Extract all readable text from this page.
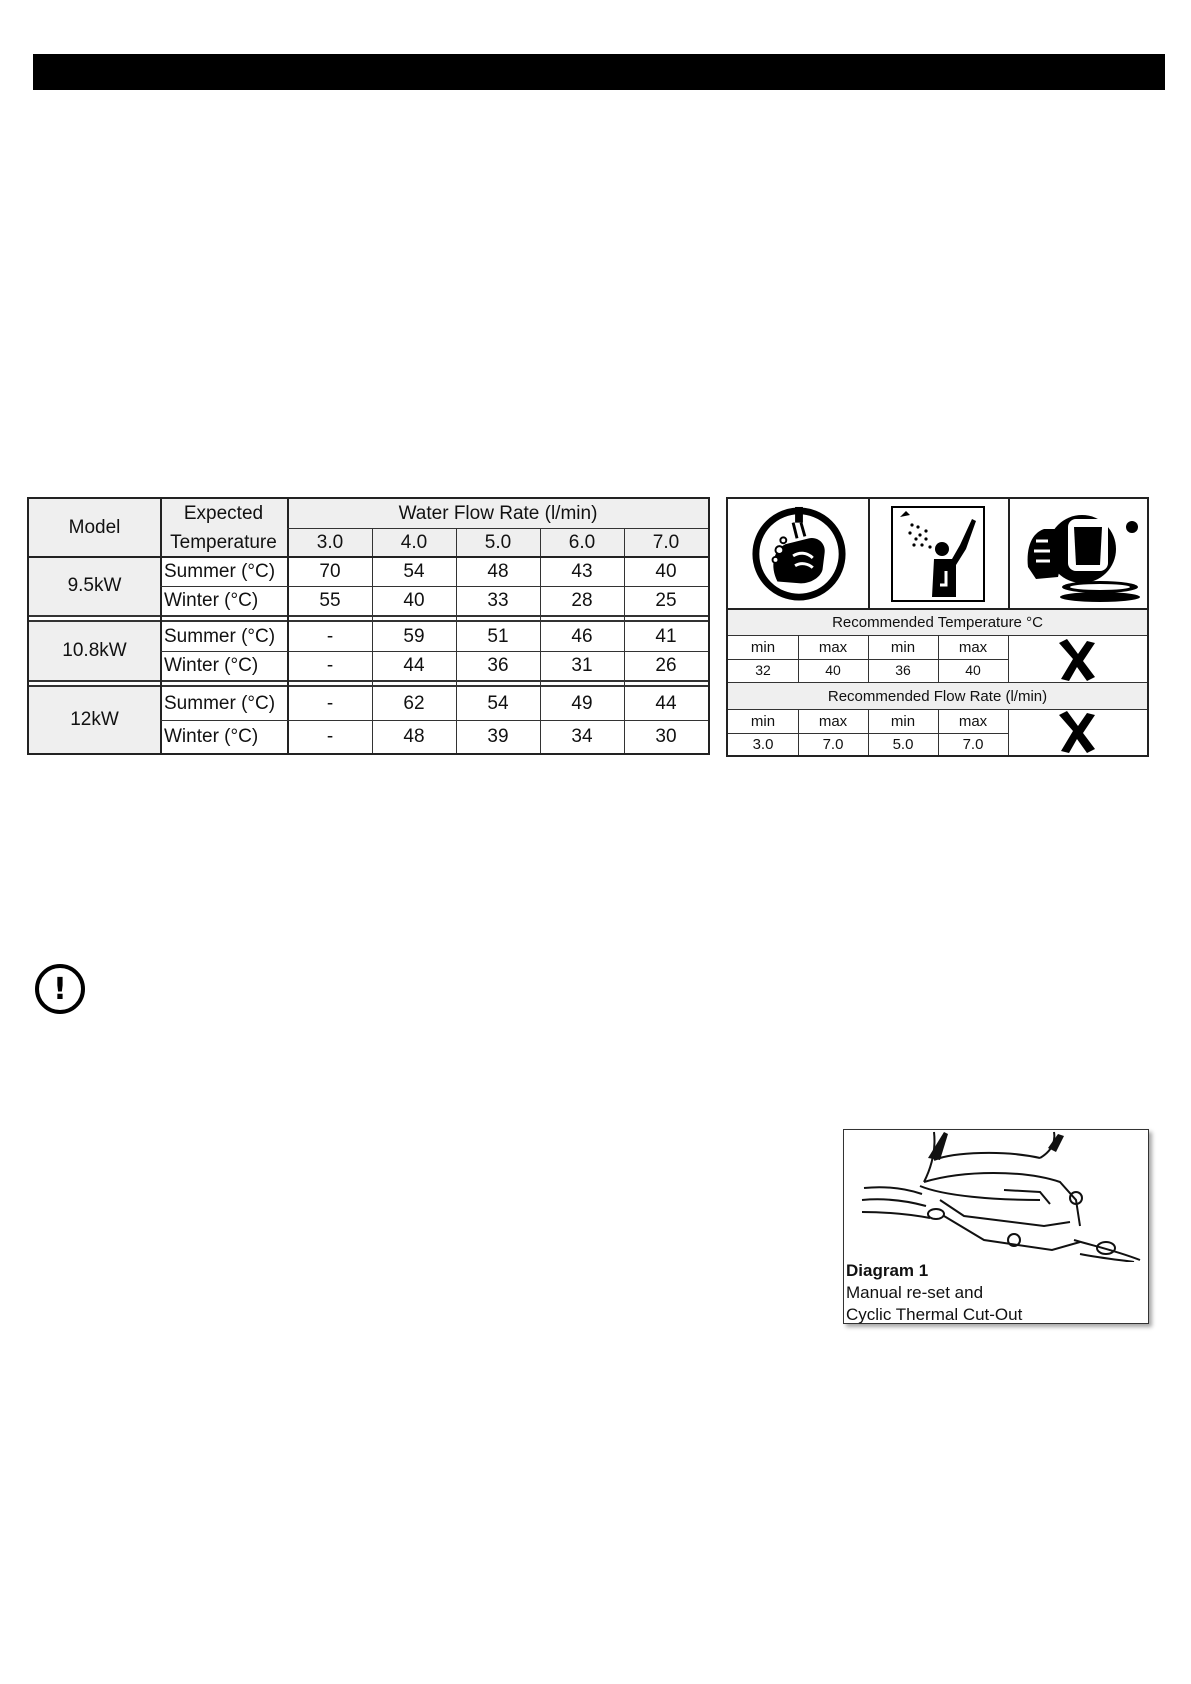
Model
Expected
Temperature
Water Flow Rate (l/min)
3.0	4.0	5.0	6.0	7.0
9.5kW
Summer (°C)	70	54	48	43	40
Winter (°C)	55	40	33	28	25
10.8kW
Summer (°C)	-	59	51	46	41
Winter (°C)	-	44	36	31	26
12kW
Summer (°C)	-	62	54	49	44
Winter (°C)	-	48	39	34	30
Recommended Temperature °C
min	max	min	max
32	40	36	40
Recommended Flow Rate (l/min)
min	max	min	max
3.0	7.0	5.0	7.0
!
Diagram 1
Manual re-set and
Cyclic Thermal Cut-Out
